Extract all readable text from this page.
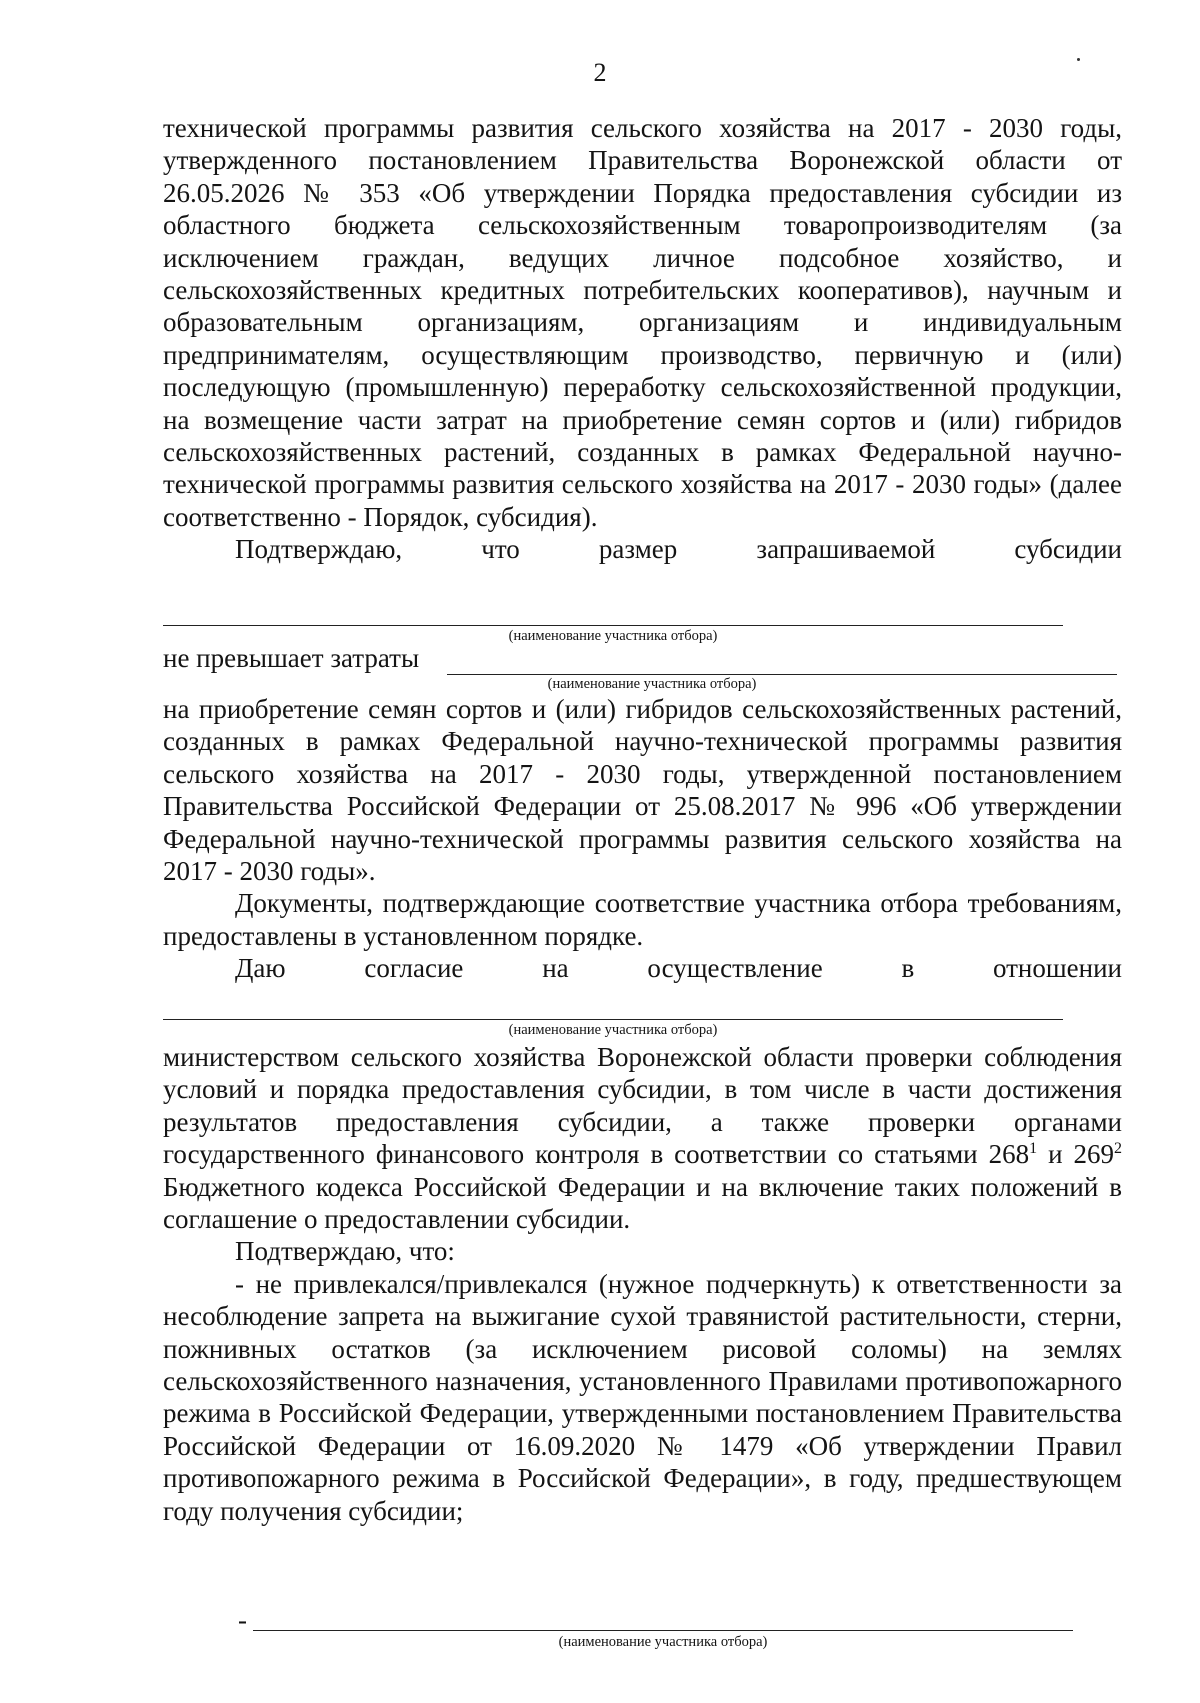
2

технической программы развития сельского хозяйства на 2017 - 2030 годы, утвержденного постановлением Правительства Воронежской области от 26.05.2026 № 353 «Об утверждении Порядка предоставления субсидии из областного бюджета сельскохозяйственным товаропроизводителям (за исключением граждан, ведущих личное подсобное хозяйство, и сельскохозяйственных кредитных потребительских кооперативов), научным и образовательным организациям, организациям и индивидуальным предпринимателям, осуществляющим производство, первичную и (или) последующую (промышленную) переработку сельскохозяйственной продукции, на возмещение части затрат на приобретение семян сортов и (или) гибридов сельскохозяйственных растений, созданных в рамках Федеральной научно-технической программы развития сельского хозяйства на 2017 - 2030 годы» (далее соответственно - Порядок, субсидия).

Подтверждаю, что размер запрашиваемой субсидии

(наименование участника отбора)
не превышает затраты
(наименование участника отбора)

на приобретение семян сортов и (или) гибридов сельскохозяйственных растений, созданных в рамках Федеральной научно-технической программы развития сельского хозяйства на 2017 - 2030 годы, утвержденной постановлением Правительства Российской Федерации от 25.08.2017 № 996 «Об утверждении Федеральной научно-технической программы развития сельского хозяйства на 2017 - 2030 годы».

Документы, подтверждающие соответствие участника отбора требованиям, предоставлены в установленном порядке.

Даю согласие на осуществление в отношении

(наименование участника отбора)

министерством сельского хозяйства Воронежской области проверки соблюдения условий и порядка предоставления субсидии, в том числе в части достижения результатов предоставления субсидии, а также проверки органами государственного финансового контроля в соответствии со статьями $268^1$ и $269^2$ Бюджетного кодекса Российской Федерации и на включение таких положений в соглашение о предоставлении субсидии.

Подтверждаю, что:

- не привлекался/привлекался (нужное подчеркнуть) к ответственности за несоблюдение запрета на выжигание сухой травянистой растительности, стерни, пожнивных остатков (за исключением рисовой соломы) на землях сельскохозяйственного назначения, установленного Правилами противопожарного режима в Российской Федерации, утвержденными постановлением Правительства Российской Федерации от 16.09.2020 № 1479 «Об утверждении Правил противопожарного режима в Российской Федерации», в году, предшествующем году получения субсидии;

-
(наименование участника отбора)
